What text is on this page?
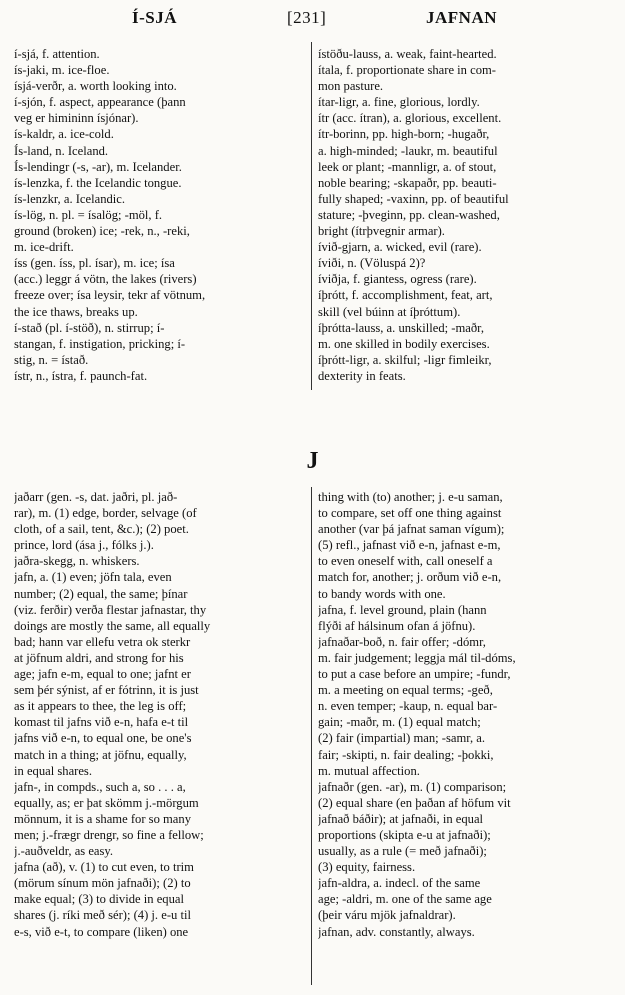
Í-SJÁ	[231]	JAFNAN
í-sjá, f. attention.
ís-jaki, m. ice-floe.
ísjá-verðr, a. worth looking into.
í-sjón, f. aspect, appearance (þann
veg er himininn ísjónar).
ís-kaldr, a. ice-cold.
Ís-land, n. Iceland.
Ís-lendingr (-s, -ar), m. Icelander.
ís-lenzka, f. the Icelandic tongue.
ís-lenzkr, a. Icelandic.
ís-lög, n. pl. = ísalög; -möl, f.
ground (broken) ice; -rek, n., -reki,
m. ice-drift.
íss (gen. íss, pl. ísar), m. ice; ísa
(acc.) leggr á vötn, the lakes (rivers)
freeze over; ísa leysir, tekr af vötnum,
the ice thaws, breaks up.
í-stað (pl. í-stöð), n. stirrup; í-
stangan, f. instigation, pricking; í-
stig, n. = ístað.
ístr, n., ístra, f. paunch-fat.
ístöðu-lauss, a. weak, faint-hearted.
ítala, f. proportionate share in com-
mon pasture.
ítar-ligr, a. fine, glorious, lordly.
ítr (acc. ítran), a. glorious, excellent.
ítr-borinn, pp. high-born; -hugaðr,
a. high-minded; -laukr, m. beautiful
leek or plant; -mannligr, a. of stout,
noble bearing; -skapaðr, pp. beauti-
fully shaped; -vaxinn, pp. of beautiful
stature; -þveginn, pp. clean-washed,
bright (ítrþvegnir armar).
ívið-gjarn, a. wicked, evil (rare).
íviði, n. (Völuspá 2)?
íviðja, f. giantess, ogress (rare).
íþrótt, f. accomplishment, feat, art,
skill (vel búinn at íþróttum).
íþrótta-lauss, a. unskilled; -maðr,
m. one skilled in bodily exercises.
íþrótt-ligr, a. skilful; -ligr fimleikr,
dexterity in feats.
J
jaðarr (gen. -s, dat. jaðri, pl. jað-
rar), m. (1) edge, border, selvage (of
cloth, of a sail, tent, &c.); (2) poet.
prince, lord (ása j., fólks j.).
jaðra-skegg, n. whiskers.
jafn, a. (1) even; jöfn tala, even
number; (2) equal, the same; þínar
(viz. ferðir) verða flestar jafnastar, thy
doings are mostly the same, all equally
bad; hann var ellefu vetra ok sterkr
at jöfnum aldri, and strong for his
age; jafn e-m, equal to one; jafnt er
sem þér sýnist, af er fótrinn, it is just
as it appears to thee, the leg is off;
komast til jafns við e-n, hafa e-t til
jafns við e-n, to equal one, be one's
match in a thing; at jöfnu, equally,
in equal shares.
jafn-, in compds., such a, so . . . a,
equally, as; er þat skömm j.-mörgum
mönnum, it is a shame for so many
men; j.-frægr drengr, so fine a fellow;
j.-auðveldr, as easy.
jafna (að), v. (1) to cut even, to trim
(mörum sínum mön jafnaði); (2) to
make equal; (3) to divide in equal
shares (j. ríki með sér); (4) j. e-u til
e-s, við e-t, to compare (liken) one
thing with (to) another; j. e-u saman,
to compare, set off one thing against
another (var þá jafnat saman vígum);
(5) refl., jafnast við e-n, jafnast e-m,
to even oneself with, call oneself a
match for, another; j. orðum við e-n,
to bandy words with one.
jafna, f. level ground, plain (hann
flýði af hálsinum ofan á jöfnu).
jafnaðar-boð, n. fair offer; -dómr,
m. fair judgement; leggja mál til-dóms,
to put a case before an umpire; -fundr,
m. a meeting on equal terms; -geð,
n. even temper; -kaup, n. equal bar-
gain; -maðr, m. (1) equal match;
(2) fair (impartial) man; -samr, a.
fair; -skipti, n. fair dealing; -þokki,
m. mutual affection.
jafnaðr (gen. -ar), m. (1) comparison;
(2) equal share (en þaðan af höfum vit
jafnað báðir); at jafnaði, in equal
proportions (skipta e-u at jafnaði);
usually, as a rule (= með jafnaði);
(3) equity, fairness.
jafn-aldra, a. indecl. of the same
age; -aldri, m. one of the same age
(þeir váru mjök jafnaldrar).
jafnan, adv. constantly, always.
